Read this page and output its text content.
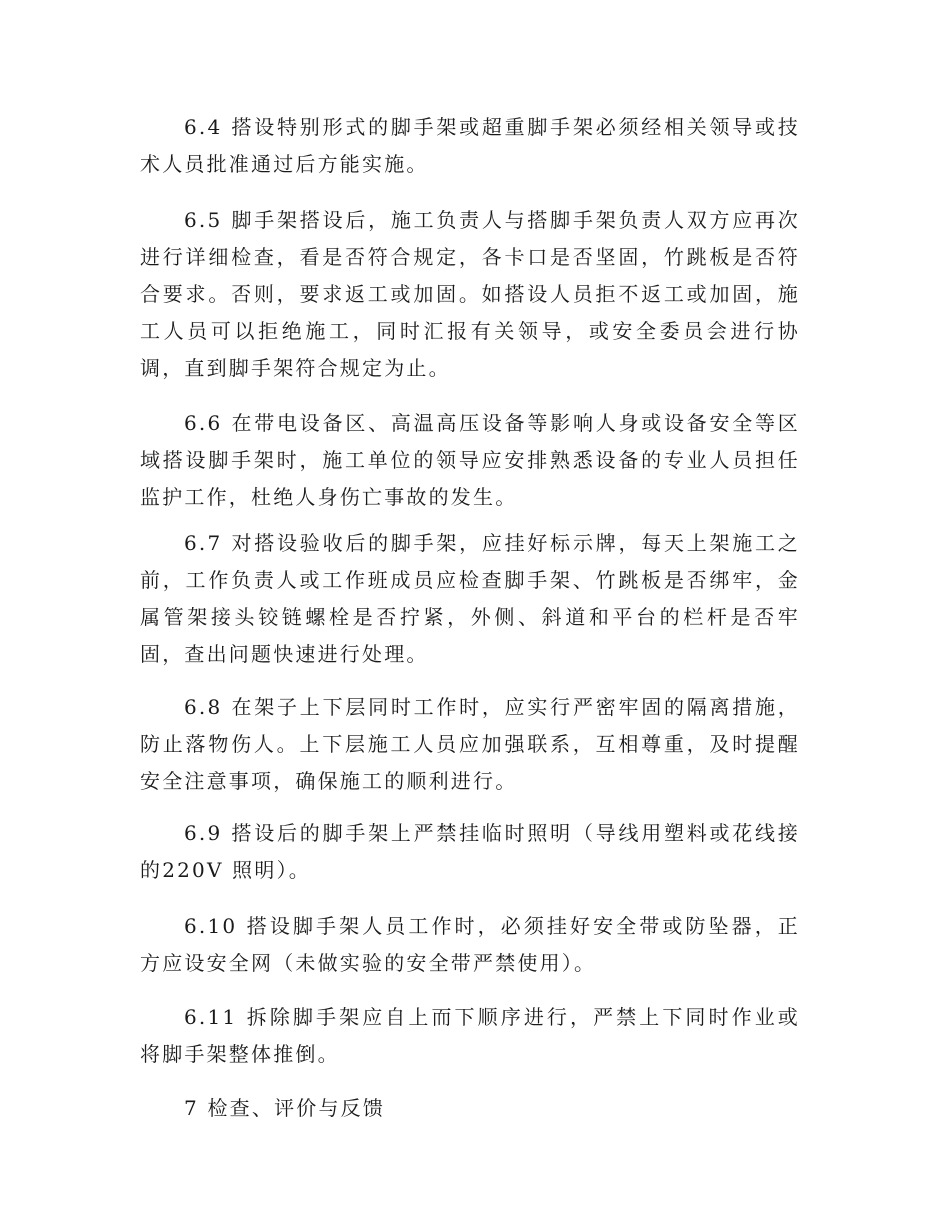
6.4 搭设特别形式的脚手架或超重脚手架必须经相关领导或技术人员批准通过后方能实施。

6.5 脚手架搭设后，施工负责人与搭脚手架负责人双方应再次进行详细检查，看是否符合规定，各卡口是否坚固，竹跳板是否符合要求。否则，要求返工或加固。如搭设人员拒不返工或加固，施工人员可以拒绝施工，同时汇报有关领导，或安全委员会进行协调，直到脚手架符合规定为止。

6.6 在带电设备区、高温高压设备等影响人身或设备安全等区域搭设脚手架时，施工单位的领导应安排熟悉设备的专业人员担任监护工作，杜绝人身伤亡事故的发生。

6.7 对搭设验收后的脚手架，应挂好标示牌，每天上架施工之前，工作负责人或工作班成员应检查脚手架、竹跳板是否绑牢，金属管架接头铰链螺栓是否拧紧，外侧、斜道和平台的栏杆是否牢固，查出问题快速进行处理。

6.8 在架子上下层同时工作时，应实行严密牢固的隔离措施，防止落物伤人。上下层施工人员应加强联系，互相尊重，及时提醒安全注意事项，确保施工的顺利进行。

6.9 搭设后的脚手架上严禁挂临时照明（导线用塑料或花线接的220V 照明）。

6.10 搭设脚手架人员工作时，必须挂好安全带或防坠器，正方应设安全网（未做实验的安全带严禁使用）。

6.11 拆除脚手架应自上而下顺序进行，严禁上下同时作业或将脚手架整体推倒。

7 检查、评价与反馈
